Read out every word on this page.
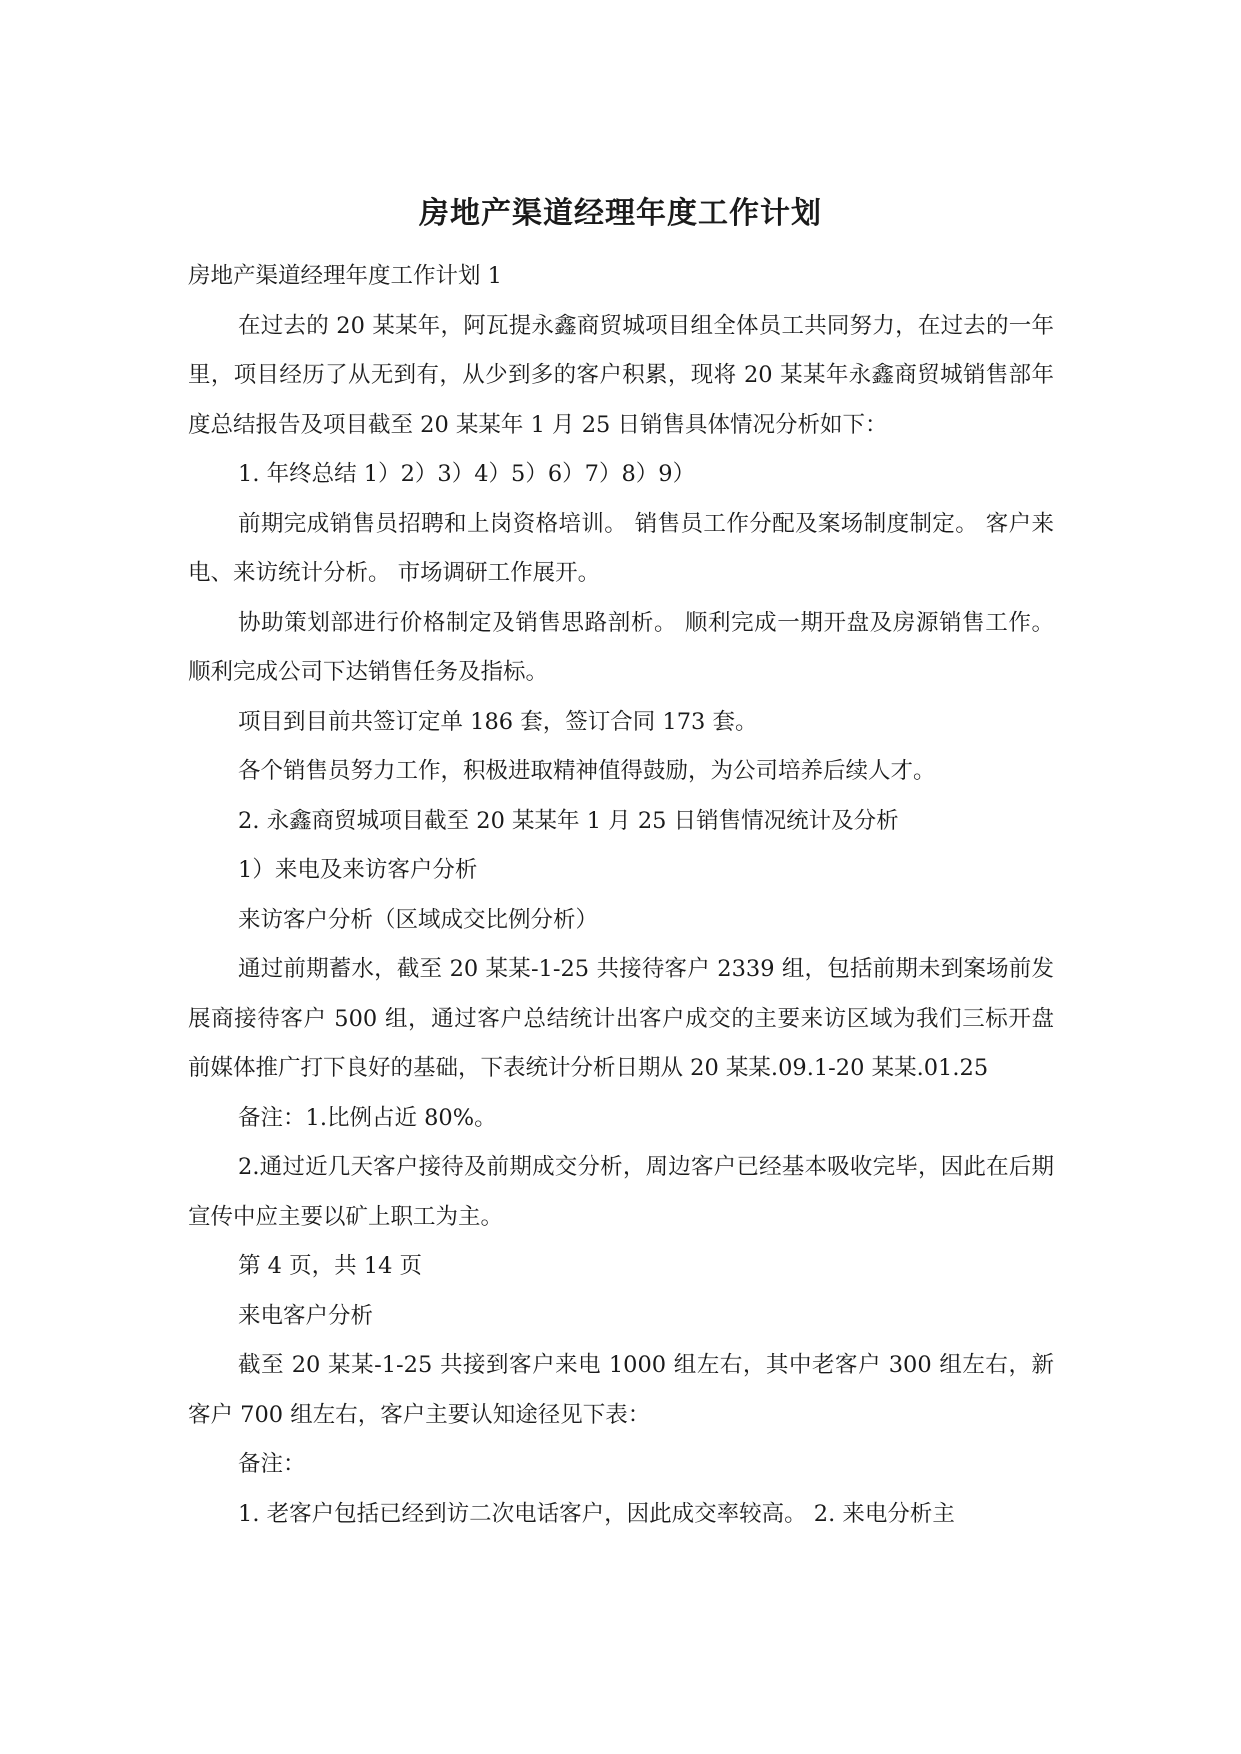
房地产渠道经理年度工作计划

房地产渠道经理年度工作计划 1

在过去的 20 某某年，阿瓦提永鑫商贸城项目组全体员工共同努力，在过去的一年里，项目经历了从无到有，从少到多的客户积累，现将 20 某某年永鑫商贸城销售部年度总结报告及项目截至 20 某某年 1 月 25 日销售具体情况分析如下：

1. 年终总结 1）2）3）4）5）6）7）8）9）

前期完成销售员招聘和上岗资格培训。 销售员工作分配及案场制度制定。 客户来电、来访统计分析。 市场调研工作展开。

协助策划部进行价格制定及销售思路剖析。 顺利完成一期开盘及房源销售工作。 顺利完成公司下达销售任务及指标。

项目到目前共签订定单 186 套，签订合同 173 套。

各个销售员努力工作，积极进取精神值得鼓励，为公司培养后续人才。

2. 永鑫商贸城项目截至 20 某某年 1 月 25 日销售情况统计及分析

1）来电及来访客户分析

来访客户分析（区域成交比例分析）

通过前期蓄水，截至 20 某某-1-25 共接待客户 2339 组，包括前期未到案场前发展商接待客户 500 组，通过客户总结统计出客户成交的主要来访区域为我们三标开盘前媒体推广打下良好的基础，下表统计分析日期从 20 某某.09.1-20 某某.01.25

备注：1.比例占近 80%。

2.通过近几天客户接待及前期成交分析，周边客户已经基本吸收完毕，因此在后期宣传中应主要以矿上职工为主。

第 4 页，共 14 页

来电客户分析

截至 20 某某-1-25 共接到客户来电 1000 组左右，其中老客户 300 组左右，新客户 700 组左右，客户主要认知途径见下表：

备注：

1. 老客户包括已经到访二次电话客户，因此成交率较高。 2. 来电分析主
